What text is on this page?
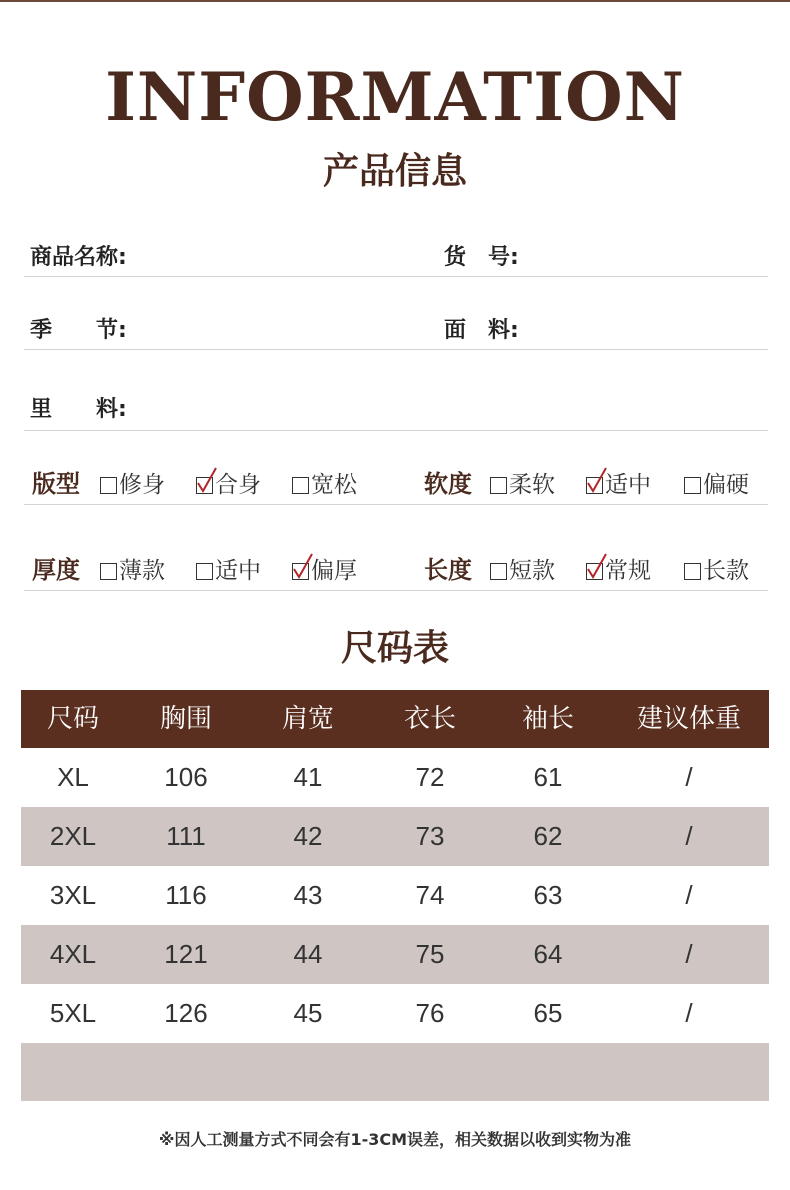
INFORMATION
产品信息
商品名称:	货　号:
季　　节:	面　料:
里　　料:
版型	修身	合身	宽松	软度	柔软	适中	偏硬
厚度	薄款	适中	偏厚	长度	短款	常规	长款
尺码表
尺码	胸围	肩宽	衣长	袖长	建议体重
XL	106	41	72	61	/
2XL	111	42	73	62	/
3XL	116	43	74	63	/
4XL	121	44	75	64	/
5XL	126	45	76	65	/
※因人工测量方式不同会有1-3CM误差，相关数据以收到实物为准
